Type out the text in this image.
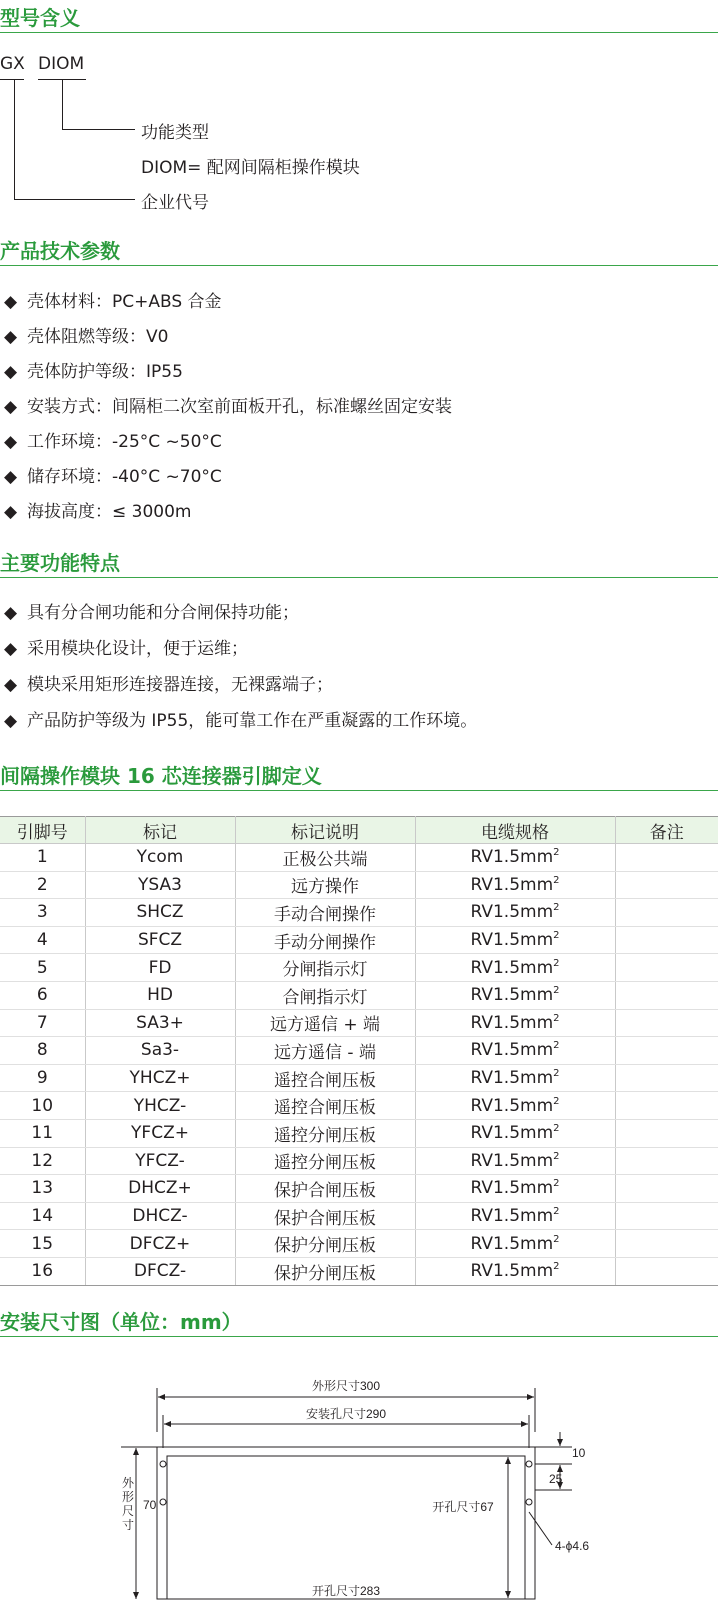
型号含义
GX DIOM
功能类型
DIOM= 配网间隔柜操作模块
企业代号
产品技术参数
◆ 壳体材料：PC+ABS 合金
◆ 壳体阻燃等级：V0
◆ 壳体防护等级：IP55
◆ 安装方式：间隔柜二次室前面板开孔，标准螺丝固定安装
◆ 工作环境：-25°C ~50°C
◆ 储存环境：-40°C ~70°C
◆ 海拔高度：≤ 3000m
主要功能特点
◆ 具有分合闸功能和分合闸保持功能；
◆ 采用模块化设计，便于运维；
◆ 模块采用矩形连接器连接，无裸露端子；
◆ 产品防护等级为 IP55，能可靠工作在严重凝露的工作环境。
间隔操作模块 16 芯连接器引脚定义
引脚号	标记	标记说明	电缆规格	备注
1	Ycom	正极公共端	$RV1.5mm^2$	
2	YSA3	远方操作	$RV1.5mm^2$	
3	SHCZ	手动合闸操作	$RV1.5mm^2$	
4	SFCZ	手动分闸操作	$RV1.5mm^2$	
5	FD	分闸指示灯	$RV1.5mm^2$	
6	HD	合闸指示灯	$RV1.5mm^2$	
7	SA3+	远方遥信 + 端	$RV1.5mm^2$	
8	Sa3-	远方遥信 - 端	$RV1.5mm^2$	
9	YHCZ+	遥控合闸压板	$RV1.5mm^2$	
10	YHCZ-	遥控合闸压板	$RV1.5mm^2$	
11	YFCZ+	遥控分闸压板	$RV1.5mm^2$	
12	YFCZ-	遥控分闸压板	$RV1.5mm^2$	
13	DHCZ+	保护合闸压板	$RV1.5mm^2$	
14	DHCZ-	保护合闸压板	$RV1.5mm^2$	
15	DFCZ+	保护分闸压板	$RV1.5mm^2$	
16	DFCZ-	保护分闸压板	$RV1.5mm^2$	
安装尺寸图（单位：mm）
外形尺寸300
安装孔尺寸290
10
25
70	开孔尺寸67
4-ϕ4.6
开孔尺寸283
外形尺寸
